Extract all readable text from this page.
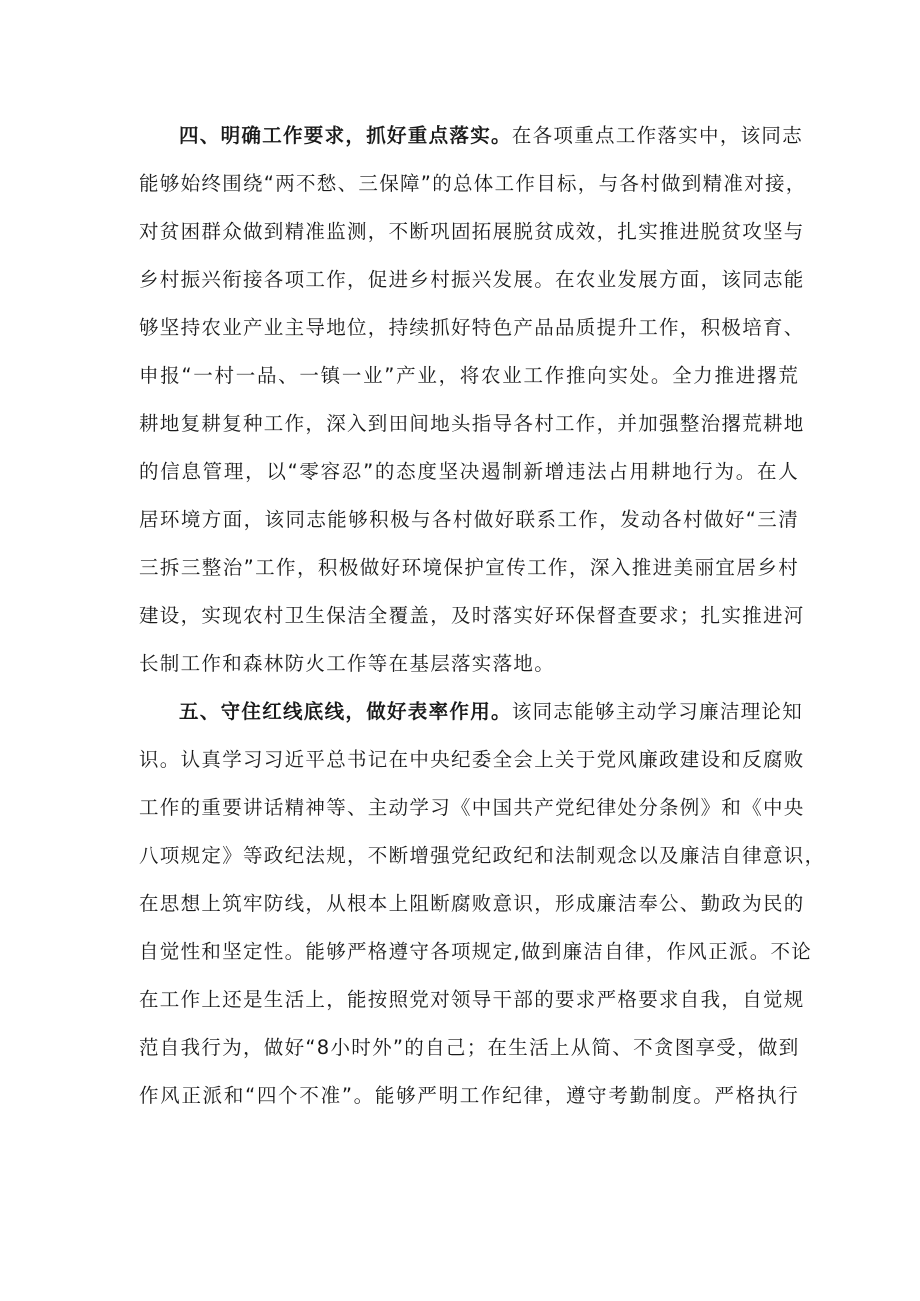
四、明确工作要求，抓好重点落实。在各项重点工作落实中，该同志
能够始终围绕“两不愁、三保障”的总体工作目标，与各村做到精准对接，
对贫困群众做到精准监测，不断巩固拓展脱贫成效，扎实推进脱贫攻坚与
乡村振兴衔接各项工作，促进乡村振兴发展。在农业发展方面，该同志能
够坚持农业产业主导地位，持续抓好特色产品品质提升工作，积极培育、
申报“一村一品、一镇一业”产业，将农业工作推向实处。全力推进撂荒
耕地复耕复种工作，深入到田间地头指导各村工作，并加强整治撂荒耕地
的信息管理，以“零容忍”的态度坚决遏制新增违法占用耕地行为。在人
居环境方面，该同志能够积极与各村做好联系工作，发动各村做好“三清
三拆三整治”工作，积极做好环境保护宣传工作，深入推进美丽宜居乡村
建设，实现农村卫生保洁全覆盖，及时落实好环保督查要求；扎实推进河
长制工作和森林防火工作等在基层落实落地。
五、守住红线底线，做好表率作用。该同志能够主动学习廉洁理论知
识。认真学习习近平总书记在中央纪委全会上关于党风廉政建设和反腐败
工作的重要讲话精神等、主动学习《中国共产党纪律处分条例》和《中央
八项规定》等政纪法规，不断增强党纪政纪和法制观念以及廉洁自律意识，
在思想上筑牢防线，从根本上阻断腐败意识，形成廉洁奉公、勤政为民的
自觉性和坚定性。能够严格遵守各项规定,做到廉洁自律，作风正派。不论
在工作上还是生活上，能按照党对领导干部的要求严格要求自我，自觉规
范自我行为，做好“8小时外”的自己；在生活上从简、不贪图享受，做到
作风正派和“四个不准”。能够严明工作纪律，遵守考勤制度。严格执行
